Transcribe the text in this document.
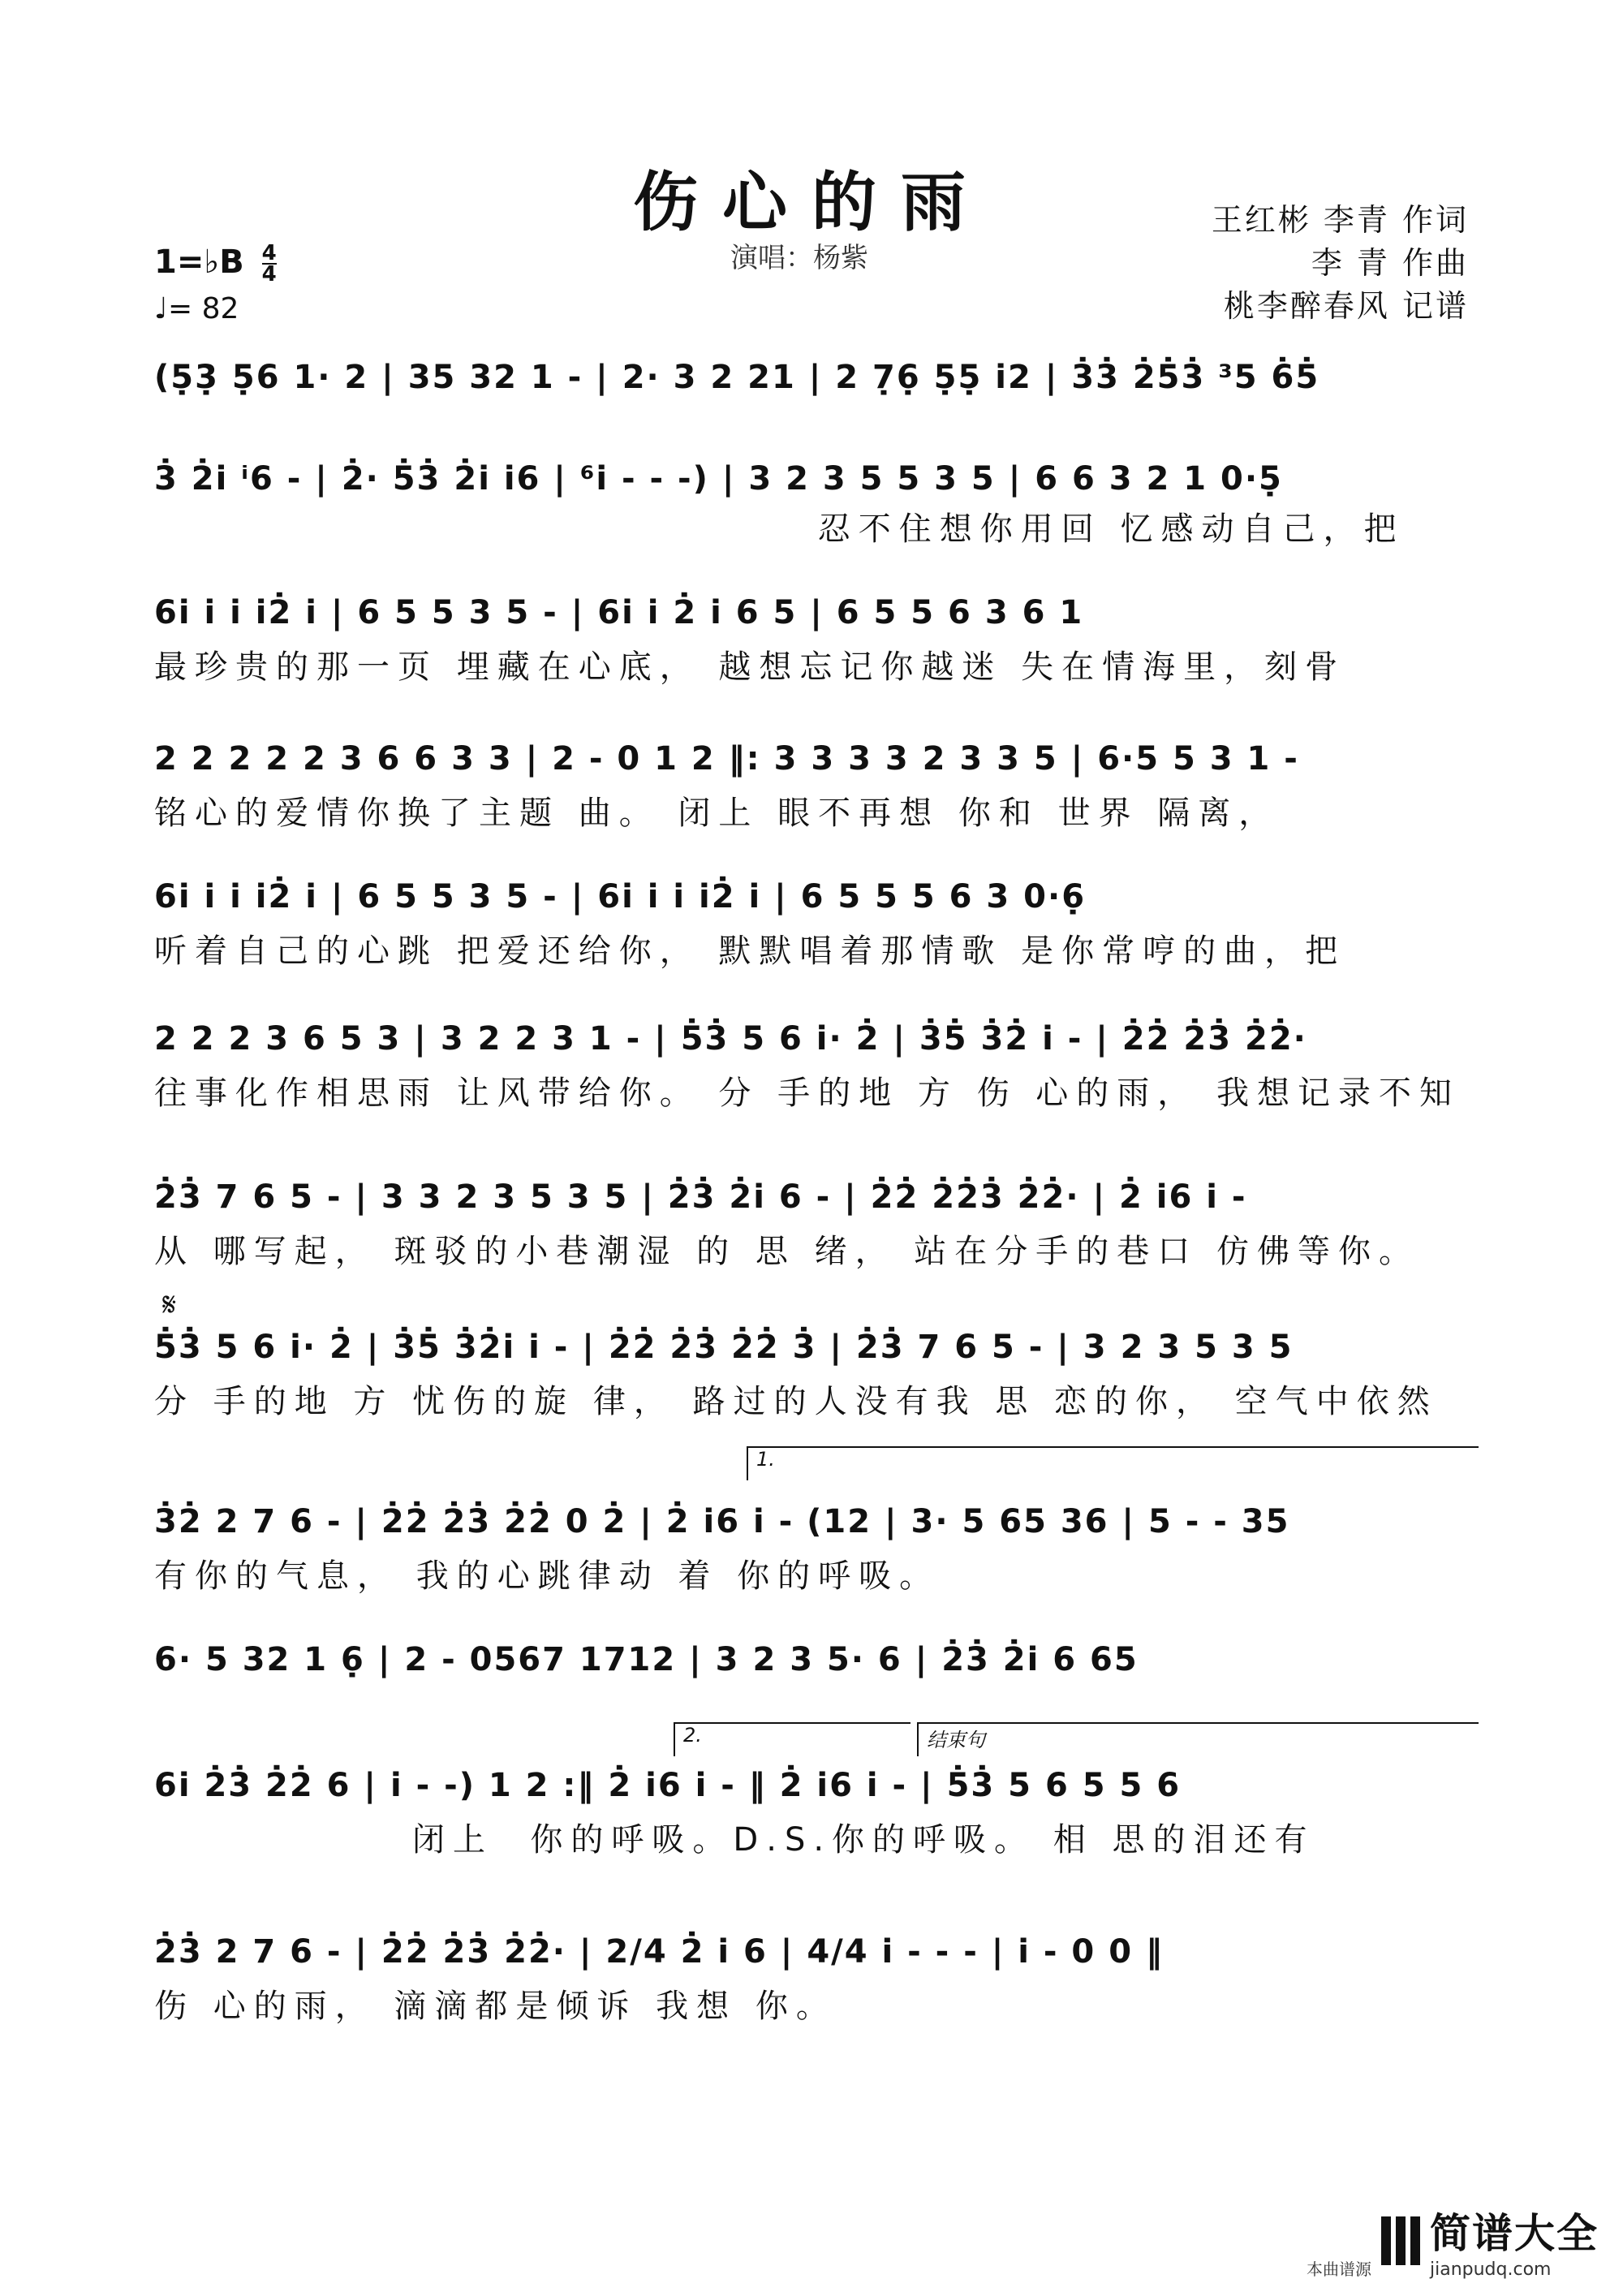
伤心的雨
演唱：杨紫
王红彬 李青 作词
李 青 作曲
桃李醉春风 记谱
1=♭B $\frac{4}{4}$
♩= 82
(5̣3̣ 5̣6 1· 2 | 35 32 1 - | 2· 3 2 21 | 2 7̣6̣ 5̣5̣ i2 | 3̇3̇ 2̇5̇3̇ ³5 6̇5̇
3̇ 2̇i ⁱ6 - | 2̇· 5̇3̇ 2̇i i6 | ⁶i - - -) | 3 2 3 5 5 3 5 | 6 6 3 2 1 0·5̣
忍不住想你用回 忆感动自己，把
6i i i i2̇ i | 6 5 5 3 5 - | 6i i 2̇ i 6 5 | 6 5 5 6 3 6 1
最珍贵的那一页 埋藏在心底， 越想忘记你越迷 失在情海里，刻骨
2 2 2 2 2 3 6 6 3 3 | 2 - 0 1 2 ‖: 3 3 3 3 2 3 3 5 | 6·5 5 3 1 -
铭心的爱情你换了主题 曲。 闭上 眼不再想 你和 世界 隔离，
6i i i i2̇ i | 6 5 5 3 5 - | 6i i i i2̇ i | 6 5 5 5 6 3 0·6̣
听着自己的心跳 把爱还给你， 默默唱着那情歌 是你常哼的曲，把
2 2 2 3 6 5 3 | 3 2 2 3 1 - | 5̇3̇ 5 6 i· 2̇ | 3̇5̇ 3̇2̇ i - | 2̇2̇ 2̇3̇ 2̇2̇·
往事化作相思雨 让风带给你。 分 手的地 方 伤 心的雨， 我想记录不知
2̇3̇ 7 6 5 - | 3 3 2 3 5 3 5 | 2̇3̇ 2̇i 6 - | 2̇2̇ 2̇2̇3̇ 2̇2̇· | 2̇ i6 i -
从 哪写起， 斑驳的小巷潮湿 的 思 绪， 站在分手的巷口 仿佛等你。
𝄋
5̇3̇ 5 6 i· 2̇ | 3̇5̇ 3̇2̇i i - | 2̇2̇ 2̇3̇ 2̇2̇ 3̇ | 2̇3̇ 7 6 5 - | 3 2 3 5 3 5
分 手的地 方 忧伤的旋 律， 路过的人没有我 思 恋的你， 空气中依然
1.
3̇2̇ 2 7 6 - | 2̇2̇ 2̇3̇ 2̇2̇ 0 2̇ | 2̇ i6 i - (12 | 3· 5 65 36 | 5 - - 35
有你的气息， 我的心跳律动 着 你的呼吸。
6· 5 32 1 6̣ | 2 - 0567 1712 | 3 2 3 5· 6 | 2̇3̇ 2̇i 6 65
2.	结束句
6i 2̇3̇ 2̇2̇ 6 | i - -) 1 2 :‖ 2̇ i6 i - ‖ 2̇ i6 i - | 5̇3̇ 5 6 5 5 6
闭上  你的呼吸。D.S.你的呼吸。 相 思的泪还有
2̇3̇ 2 7 6 - | 2̇2̇ 2̇3̇ 2̇2̇· | 2/4 2̇ i 6 | 4/4 i - - - | i - 0 0 ‖
伤 心的雨， 滴滴都是倾诉 我想 你。
本曲谱源
简谱大全
jianpudq.com
